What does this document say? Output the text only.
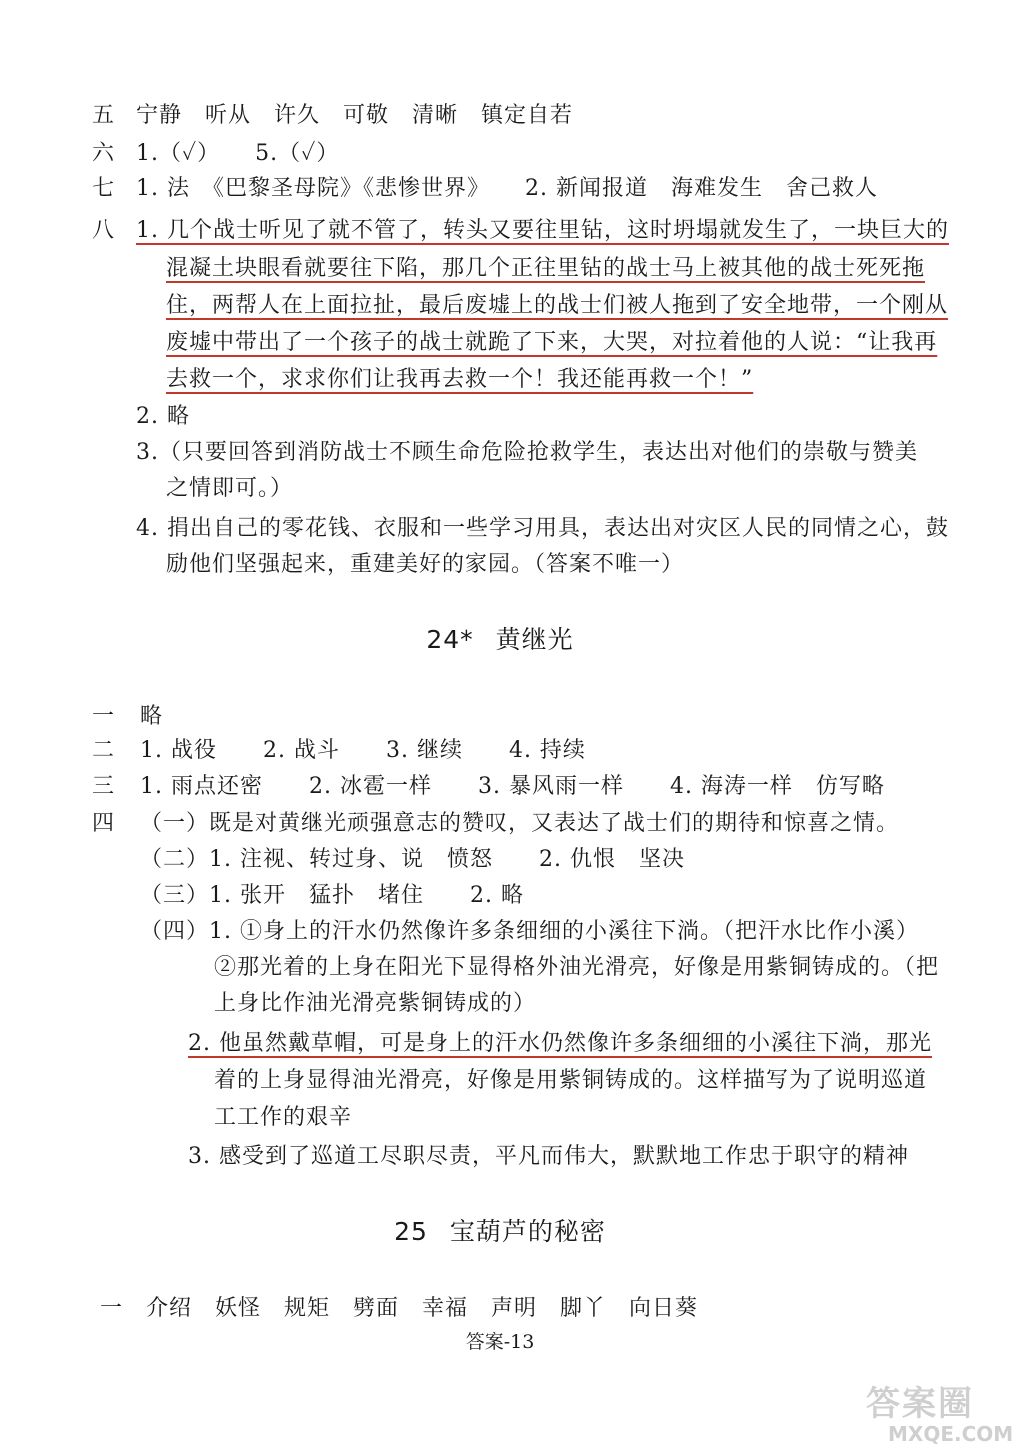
五 宁静　听从　许久　可敬　清晰　镇定自若
六 1.（✓）　　5.（✓）
七 1. 法　《巴黎圣母院》《悲惨世界》　　2. 新闻报道　海难发生　舍己救人
八 1. 几个战士听见了就不管了，转头又要往里钻，这时坍塌就发生了，一块巨大的
混凝土块眼看就要往下陷，那几个正往里钻的战士马上被其他的战士死死拖
住，两帮人在上面拉扯，最后废墟上的战士们被人拖到了安全地带，一个刚从
废墟中带出了一个孩子的战士就跪了下来，大哭，对拉着他的人说：“让我再
去救一个，求求你们让我再去救一个！我还能再救一个！”
2. 略
3.（只要回答到消防战士不顾生命危险抢救学生，表达出对他们的崇敬与赞美
之情即可。）
4. 捐出自己的零花钱、衣服和一些学习用具，表达出对灾区人民的同情之心，鼓
励他们坚强起来，重建美好的家园。（答案不唯一）
24* 黄继光
一 略
二 1. 战役　　2. 战斗　　3. 继续　　4. 持续
三 1. 雨点还密　　2. 冰雹一样　　3. 暴风雨一样　　4. 海涛一样　仿写略
四 （一）既是对黄继光顽强意志的赞叹，又表达了战士们的期待和惊喜之情。
（二）1. 注视、转过身、说　愤怒　　2. 仇恨　坚决
（三）1. 张开　猛扑　堵住　　2. 略
（四）1. ①身上的汗水仍然像许多条细细的小溪往下淌。（把汗水比作小溪）
②那光着的上身在阳光下显得格外油光滑亮，好像是用紫铜铸成的。（把
上身比作油光滑亮紫铜铸成的）
2. 他虽然戴草帽，可是身上的汗水仍然像许多条细细的小溪往下淌，那光
着的上身显得油光滑亮，好像是用紫铜铸成的。这样描写为了说明巡道
工工作的艰辛
3. 感受到了巡道工尽职尽责，平凡而伟大，默默地工作忠于职守的精神
25 宝葫芦的秘密
一 介绍　妖怪　规矩　劈面　幸福　声明　脚丫　向日葵
答案-13
答案圈
MXQE.COM
